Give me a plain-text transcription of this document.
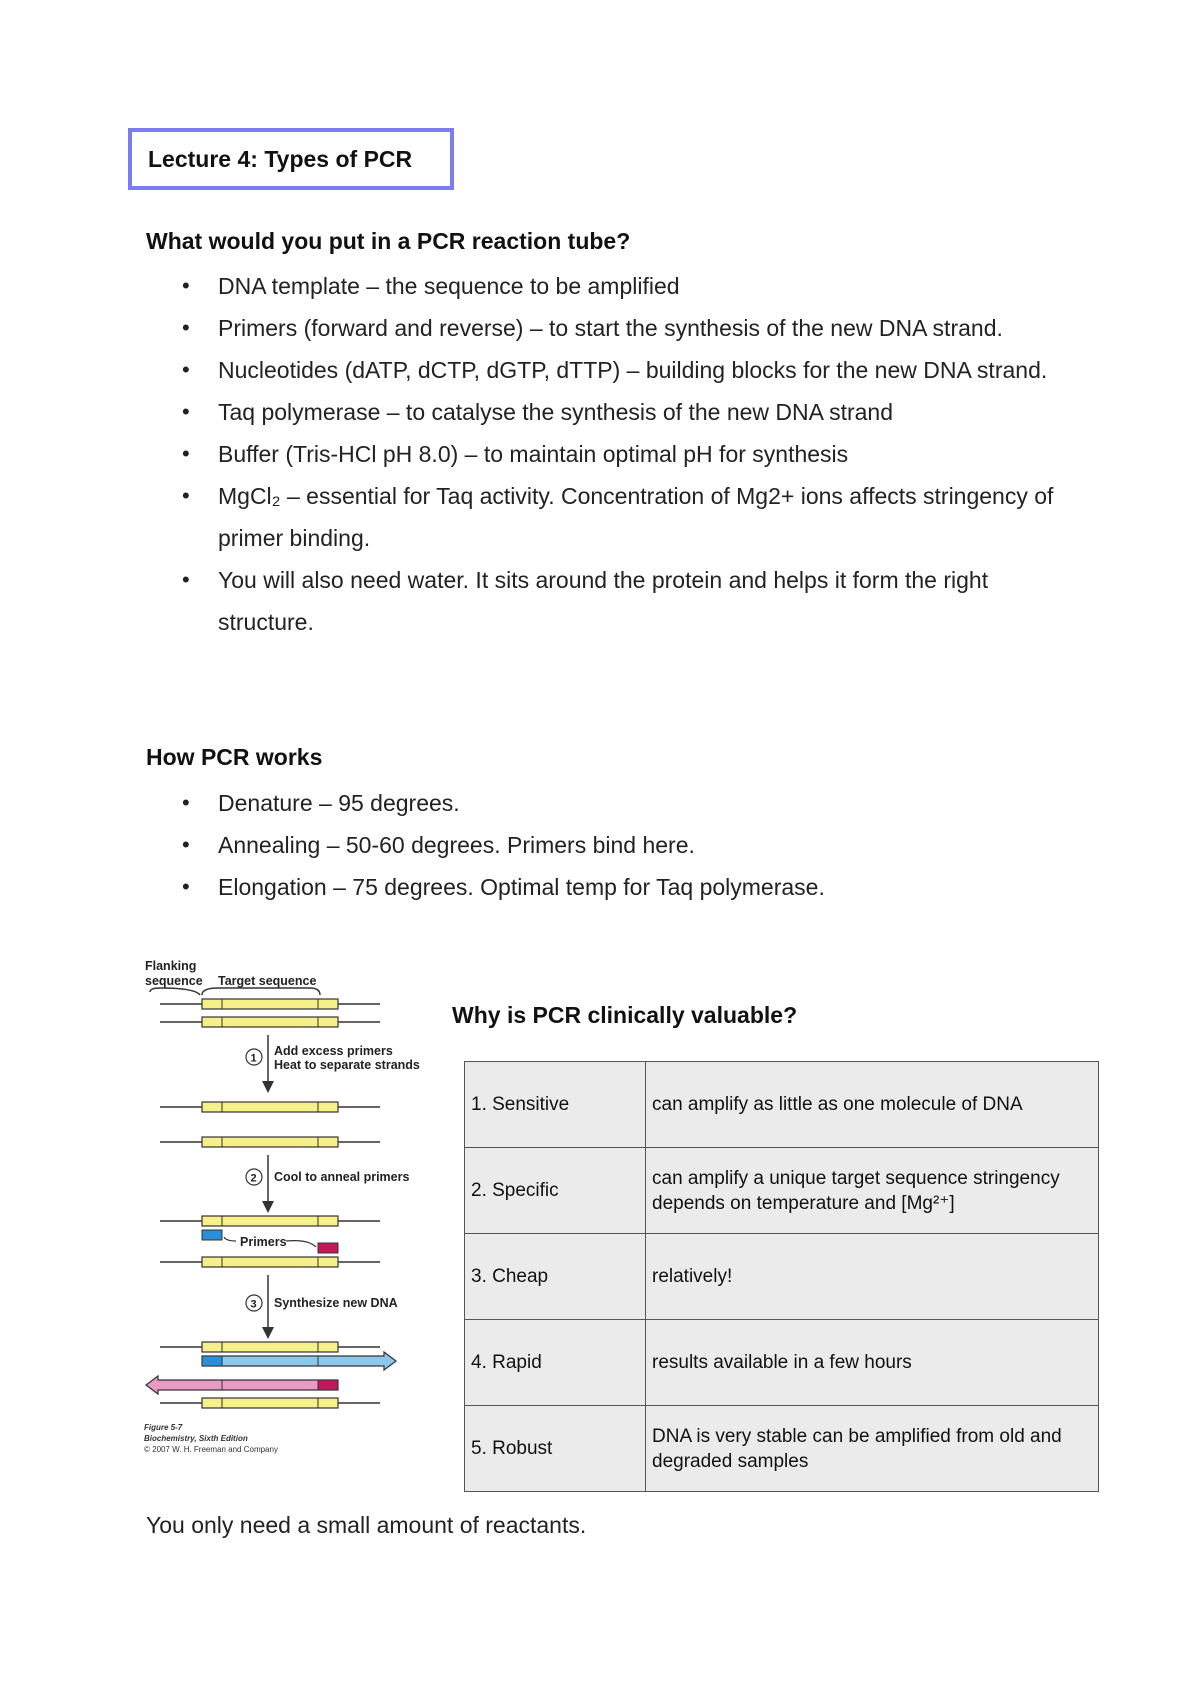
Lecture 4: Types of PCR
What would you put in a PCR reaction tube?
• DNA template – the sequence to be amplified
• Primers (forward and reverse) – to start the synthesis of the new DNA strand.
• Nucleotides (dATP, dCTP, dGTP, dTTP) – building blocks for the new DNA strand.
• Taq polymerase – to catalyse the synthesis of the new DNA strand
• Buffer (Tris-HCl pH 8.0) – to maintain optimal pH for synthesis
• MgCl₂ – essential for Taq activity. Concentration of Mg2+ ions affects stringency of primer binding.
• You will also need water. It sits around the protein and helps it form the right structure.
How PCR works
• Denature – 95 degrees.
• Annealing – 50-60 degrees. Primers bind here.
• Elongation – 75 degrees. Optimal temp for Taq polymerase.
Flanking
sequence Target sequence
1
Add excess primers
Heat to separate strands
2 Cool to anneal primers
Primers
3 Synthesize new DNA
Figure 5-7
Biochemistry, Sixth Edition
© 2007 W. H. Freeman and Company
Why is PCR clinically valuable?
1. Sensitive	can amplify as little as one molecule of DNA
2. Specific	can amplify a unique target sequence stringency depends on temperature and [Mg²⁺]
3. Cheap	relatively!
4. Rapid	results available in a few hours
5. Robust	DNA is very stable can be amplified from old and degraded samples
You only need a small amount of reactants.
